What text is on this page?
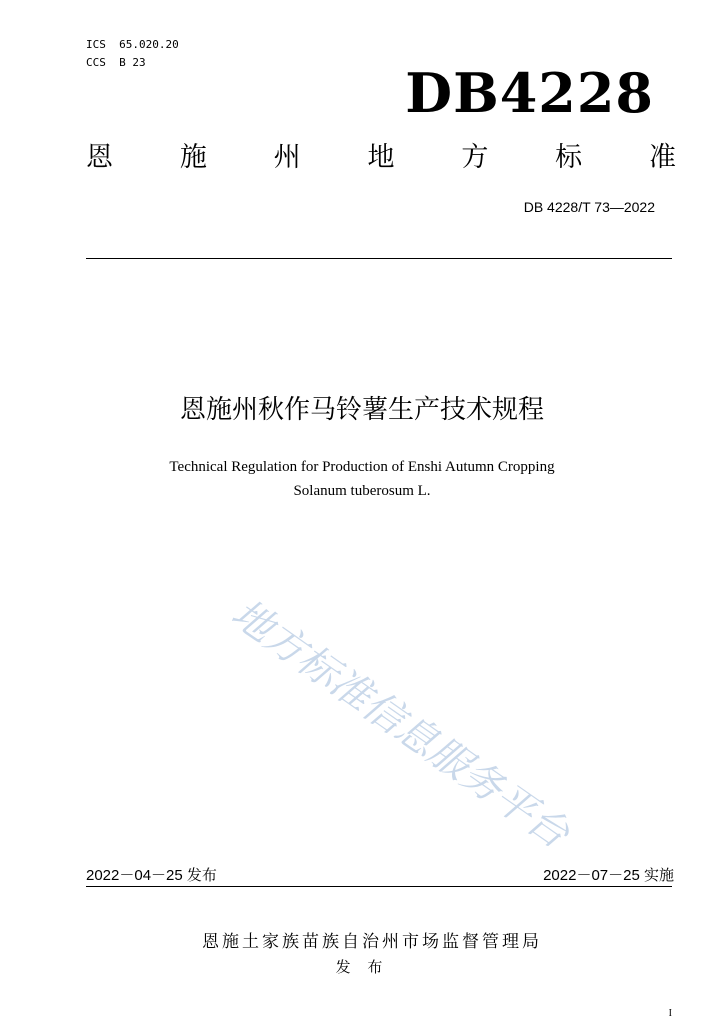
ICS  65.020.20
CCS  B 23	DB4228
恩 施 州 地 方 标 准
DB 4228/T 73—2022
恩施州秋作马铃薯生产技术规程
Technical Regulation for Production of Enshi Autumn Cropping
Solanum tuberosum L.
地方标准信息服务平台
2022－04－25 发布	2022－07－25 实施
恩施土家族苗族自治州市场监督管理局
发 布
I
